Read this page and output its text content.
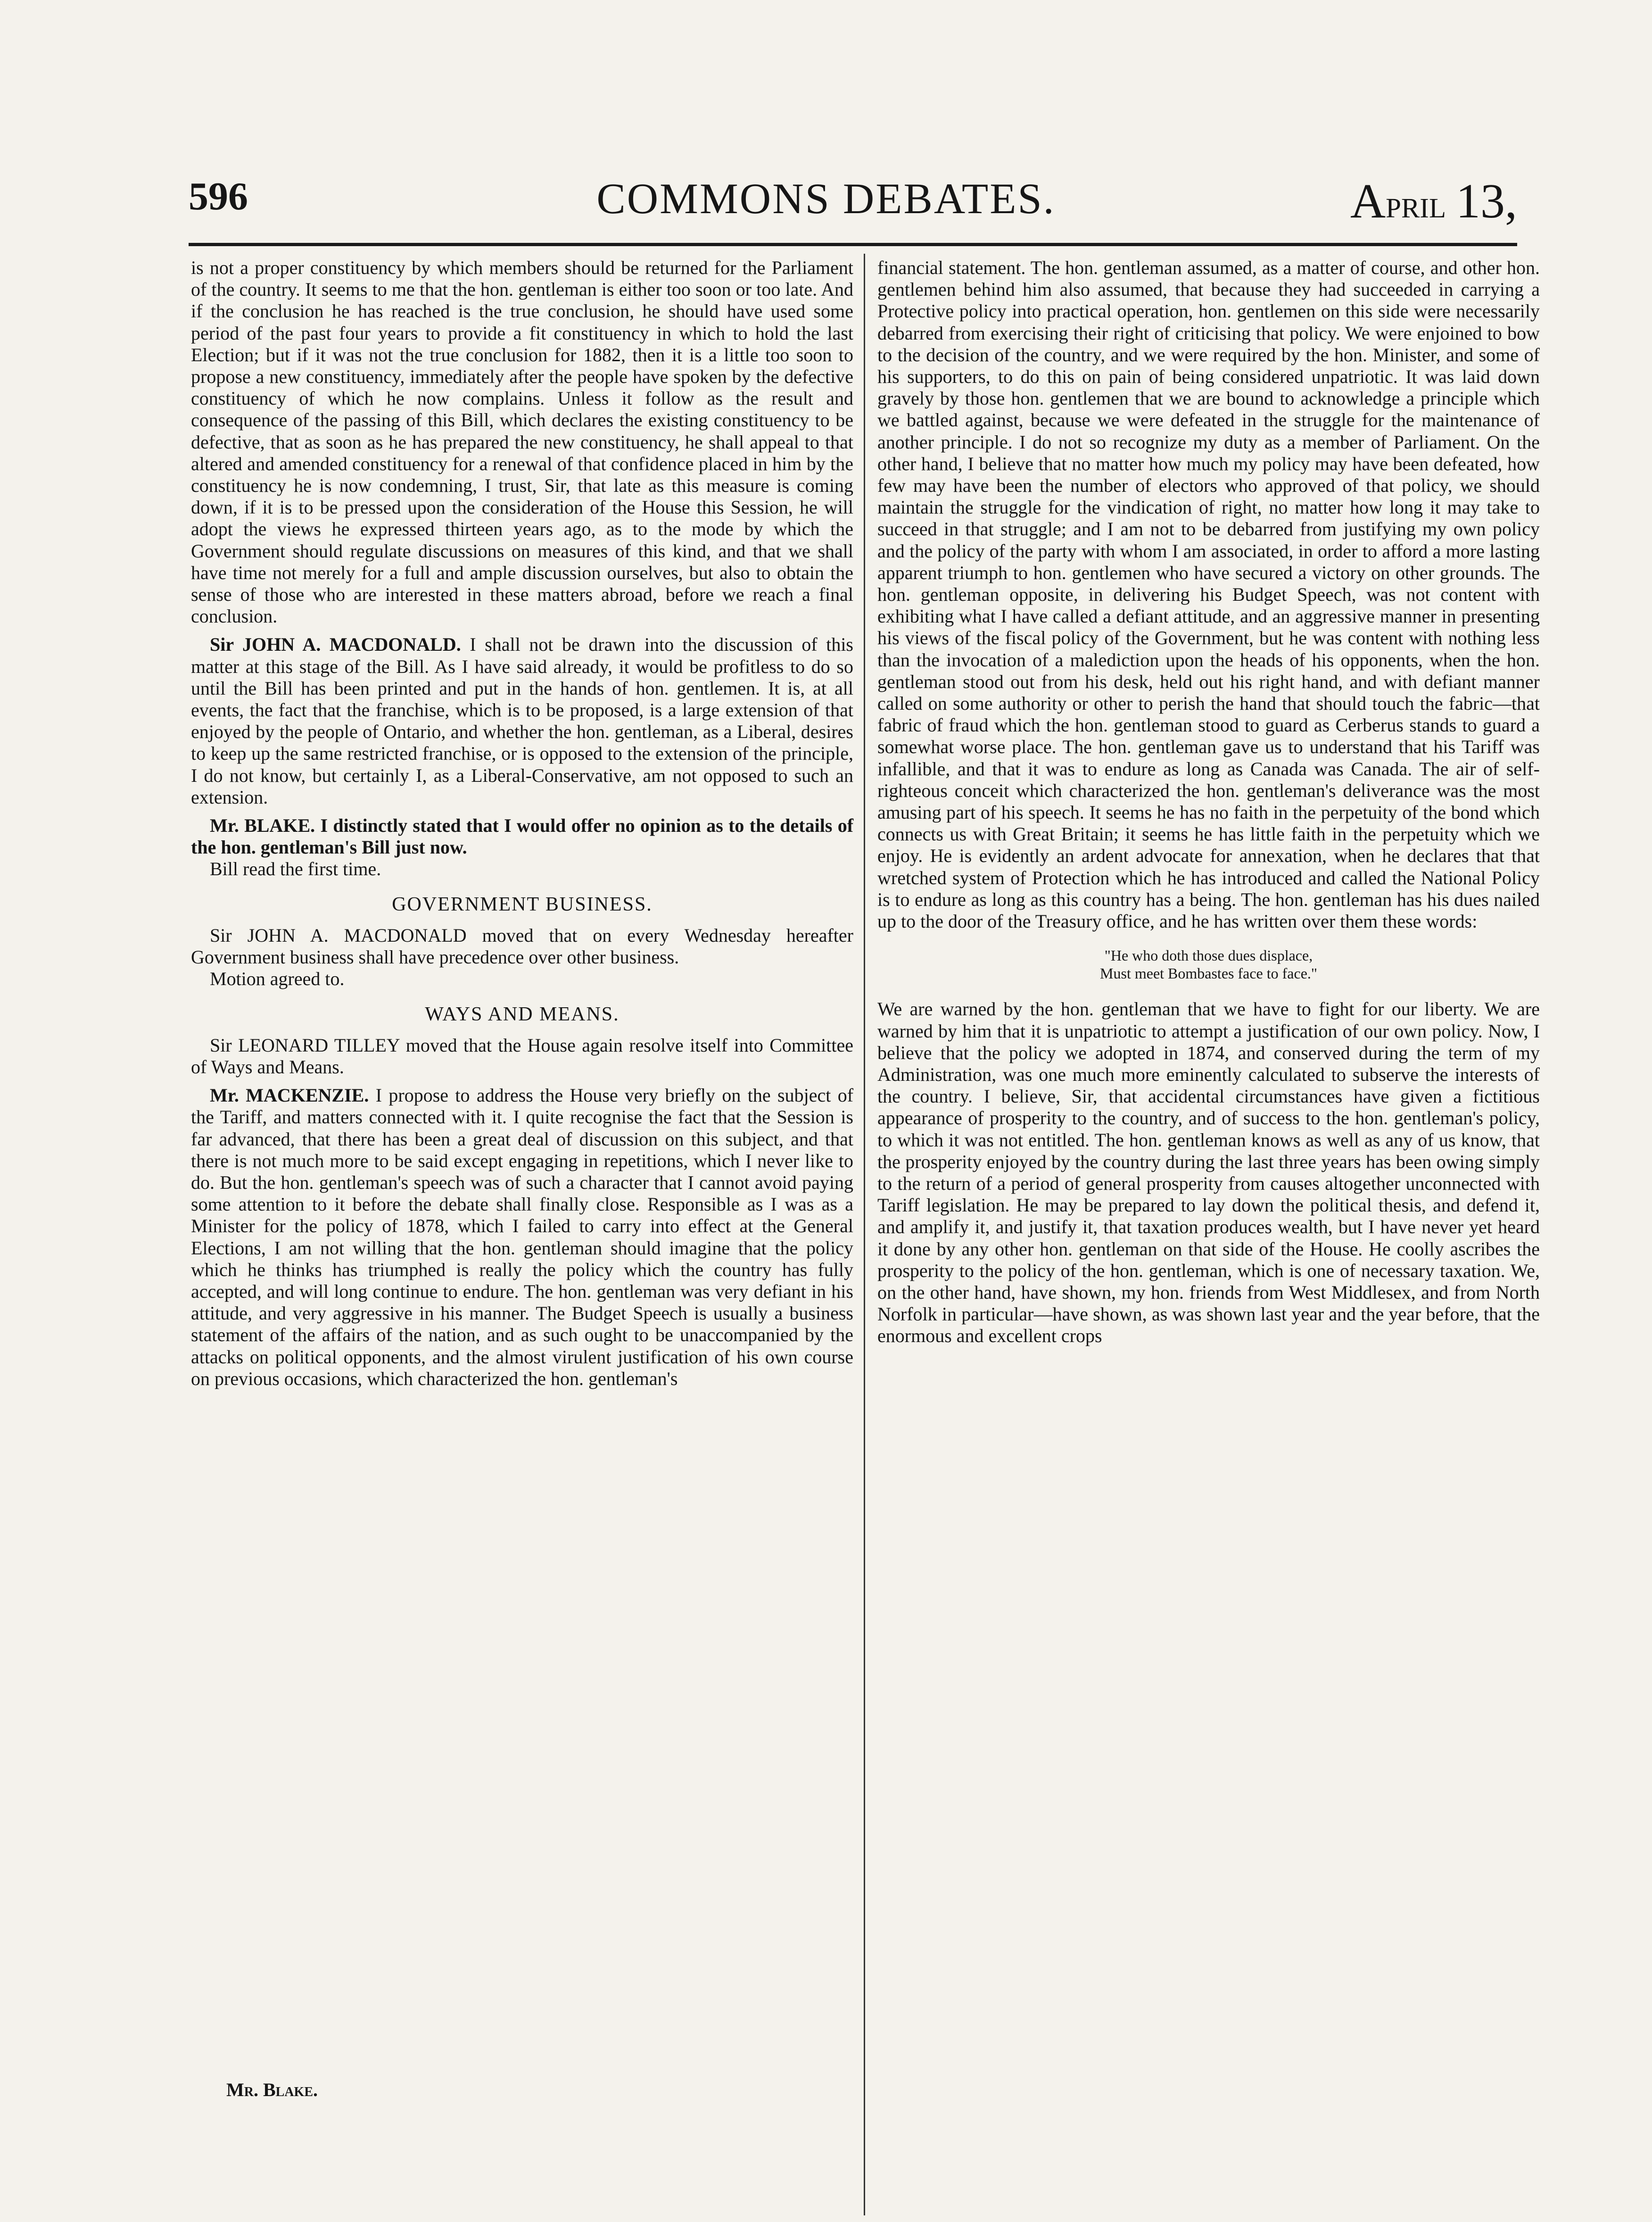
596	COMMONS DEBATES.	April 13,

is not a proper constituency by which members should be returned for the Parliament of the country. It seems to me that the hon. gentleman is either too soon or too late. And if the conclusion he has reached is the true conclusion, he should have used some period of the past four years to provide a fit constituency in which to hold the last Election; but if it was not the true conclusion for 1882, then it is a little too soon to propose a new constituency, immediately after the people have spoken by the defective constituency of which he now complains. Unless it follow as the result and consequence of the passing of this Bill, which declares the existing constituency to be defective, that as soon as he has prepared the new constituency, he shall appeal to that altered and amended constituency for a renewal of that confidence placed in him by the constituency he is now condemning, I trust, Sir, that late as this measure is coming down, if it is to be pressed upon the consideration of the House this Session, he will adopt the views he expressed thirteen years ago, as to the mode by which the Government should regulate discussions on measures of this kind, and that we shall have time not merely for a full and ample discussion ourselves, but also to obtain the sense of those who are interested in these matters abroad, before we reach a final conclusion.

Sir JOHN A. MACDONALD. I shall not be drawn into the discussion of this matter at this stage of the Bill. As I have said already, it would be profitless to do so until the Bill has been printed and put in the hands of hon. gentlemen. It is, at all events, the fact that the franchise, which is to be proposed, is a large extension of that enjoyed by the people of Ontario, and whether the hon. gentleman, as a Liberal, desires to keep up the same restricted franchise, or is opposed to the extension of the principle, I do not know, but certainly I, as a Liberal-Conservative, am not opposed to such an extension.

Mr. BLAKE. I distinctly stated that I would offer no opinion as to the details of the hon. gentleman's Bill just now.

Bill read the first time.

GOVERNMENT BUSINESS.

Sir JOHN A. MACDONALD moved that on every Wednesday hereafter Government business shall have precedence over other business.

Motion agreed to.

WAYS AND MEANS.

Sir LEONARD TILLEY moved that the House again resolve itself into Committee of Ways and Means.

Mr. MACKENZIE. I propose to address the House very briefly on the subject of the Tariff, and matters connected with it. I quite recognise the fact that the Session is far advanced, that there has been a great deal of discussion on this subject, and that there is not much more to be said except engaging in repetitions, which I never like to do. But the hon. gentleman's speech was of such a character that I cannot avoid paying some attention to it before the debate shall finally close. Responsible as I was as a Minister for the policy of 1878, which I failed to carry into effect at the General Elections, I am not willing that the hon. gentleman should imagine that the policy which he thinks has triumphed is really the policy which the country has fully accepted, and will long continue to endure. The hon. gentleman was very defiant in his attitude, and very aggressive in his manner. The Budget Speech is usually a business statement of the affairs of the nation, and as such ought to be unaccompanied by the attacks on political opponents, and the almost virulent justification of his own course on previous occasions, which characterized the hon. gentleman's

financial statement. The hon. gentleman assumed, as a matter of course, and other hon. gentlemen behind him also assumed, that because they had succeeded in carrying a Protective policy into practical operation, hon. gentlemen on this side were necessarily debarred from exercising their right of criticising that policy. We were enjoined to bow to the decision of the country, and we were required by the hon. Minister, and some of his supporters, to do this on pain of being considered unpatriotic. It was laid down gravely by those hon. gentlemen that we are bound to acknowledge a principle which we battled against, because we were defeated in the struggle for the maintenance of another principle. I do not so recognize my duty as a member of Parliament. On the other hand, I believe that no matter how much my policy may have been defeated, how few may have been the number of electors who approved of that policy, we should maintain the struggle for the vindication of right, no matter how long it may take to succeed in that struggle; and I am not to be debarred from justifying my own policy and the policy of the party with whom I am associated, in order to afford a more lasting apparent triumph to hon. gentlemen who have secured a victory on other grounds. The hon. gentleman opposite, in delivering his Budget Speech, was not content with exhibiting what I have called a defiant attitude, and an aggressive manner in presenting his views of the fiscal policy of the Government, but he was content with nothing less than the invocation of a malediction upon the heads of his opponents, when the hon. gentleman stood out from his desk, held out his right hand, and with defiant manner called on some authority or other to perish the hand that should touch the fabric—that fabric of fraud which the hon. gentleman stood to guard as Cerberus stands to guard a somewhat worse place. The hon. gentleman gave us to understand that his Tariff was infallible, and that it was to endure as long as Canada was Canada. The air of self-righteous conceit which characterized the hon. gentleman's deliverance was the most amusing part of his speech. It seems he has no faith in the perpetuity of the bond which connects us with Great Britain; it seems he has little faith in the perpetuity which we enjoy. He is evidently an ardent advocate for annexation, when he declares that that wretched system of Protection which he has introduced and called the National Policy is to endure as long as this country has a being. The hon. gentleman has his dues nailed up to the door of the Treasury office, and he has written over them these words:

"He who doth those dues displace,
Must meet Bombastes face to face."

We are warned by the hon. gentleman that we have to fight for our liberty. We are warned by him that it is unpatriotic to attempt a justification of our own policy. Now, I believe that the policy we adopted in 1874, and conserved during the term of my Administration, was one much more eminently calculated to subserve the interests of the country. I believe, Sir, that accidental circumstances have given a fictitious appearance of prosperity to the country, and of success to the hon. gentleman's policy, to which it was not entitled. The hon. gentleman knows as well as any of us know, that the prosperity enjoyed by the country during the last three years has been owing simply to the return of a period of general prosperity from causes altogether unconnected with Tariff legislation. He may be prepared to lay down the political thesis, and defend it, and amplify it, and justify it, that taxation produces wealth, but I have never yet heard it done by any other hon. gentleman on that side of the House. He coolly ascribes the prosperity to the policy of the hon. gentleman, which is one of necessary taxation. We, on the other hand, have shown, my hon. friends from West Middlesex, and from North Norfolk in particular—have shown, as was shown last year and the year before, that the enormous and excellent crops

Mr. Blake.
